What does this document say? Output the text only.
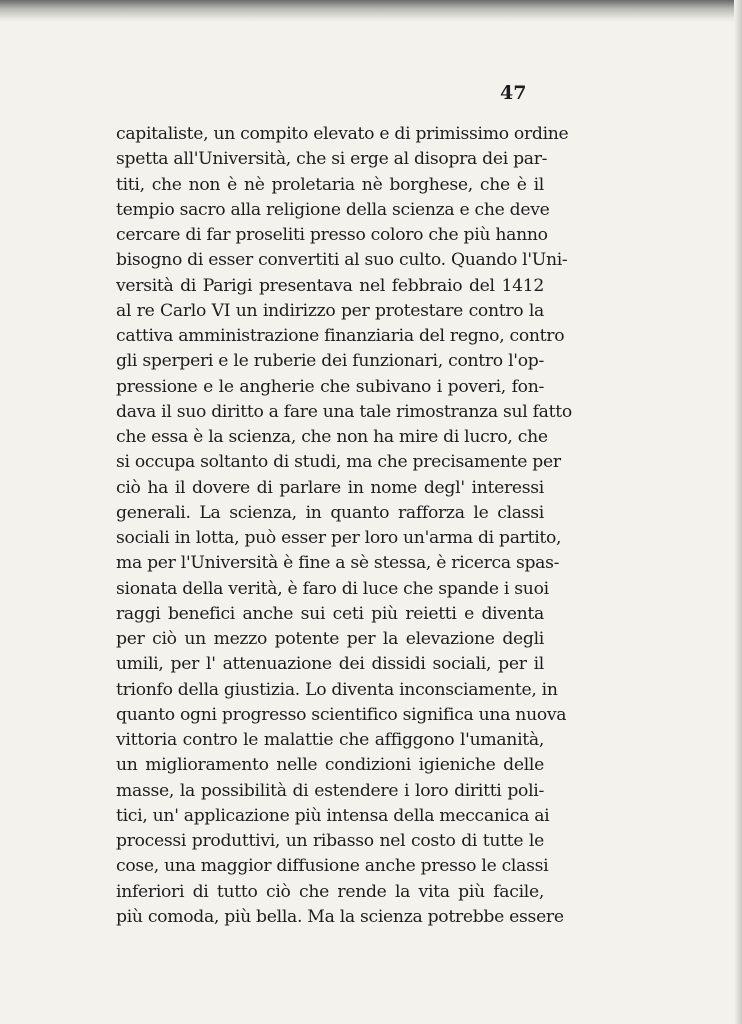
47
capitaliste, un compito elevato e di primissimo ordine
spetta all'Università, che si erge al disopra dei par-
titi, che non è nè proletaria nè borghese, che è il
tempio sacro alla religione della scienza e che deve
cercare di far proseliti presso coloro che più hanno
bisogno di esser convertiti al suo culto. Quando l'Uni-
versità di Parigi presentava nel febbraio del 1412
al re Carlo VI un indirizzo per protestare contro la
cattiva amministrazione finanziaria del regno, contro
gli sperperi e le ruberie dei funzionari, contro l'op-
pressione e le angherie che subivano i poveri, fon-
dava il suo diritto a fare una tale rimostranza sul fatto
che essa è la scienza, che non ha mire di lucro, che
si occupa soltanto di studi, ma che precisamente per
ciò ha il dovere di parlare in nome degl' interessi
generali. La scienza, in quanto rafforza le classi
sociali in lotta, può esser per loro un'arma di partito,
ma per l'Università è fine a sè stessa, è ricerca spas-
sionata della verità, è faro di luce che spande i suoi
raggi benefici anche sui ceti più reietti e diventa
per ciò un mezzo potente per la elevazione degli
umili, per l' attenuazione dei dissidi sociali, per il
trionfo della giustizia. Lo diventa inconsciamente, in
quanto ogni progresso scientifico significa una nuova
vittoria contro le malattie che affiggono l'umanità,
un miglioramento nelle condizioni igieniche delle
masse, la possibilità di estendere i loro diritti poli-
tici, un' applicazione più intensa della meccanica ai
processi produttivi, un ribasso nel costo di tutte le
cose, una maggior diffusione anche presso le classi
inferiori di tutto ciò che rende la vita più facile,
più comoda, più bella. Ma la scienza potrebbe essere
